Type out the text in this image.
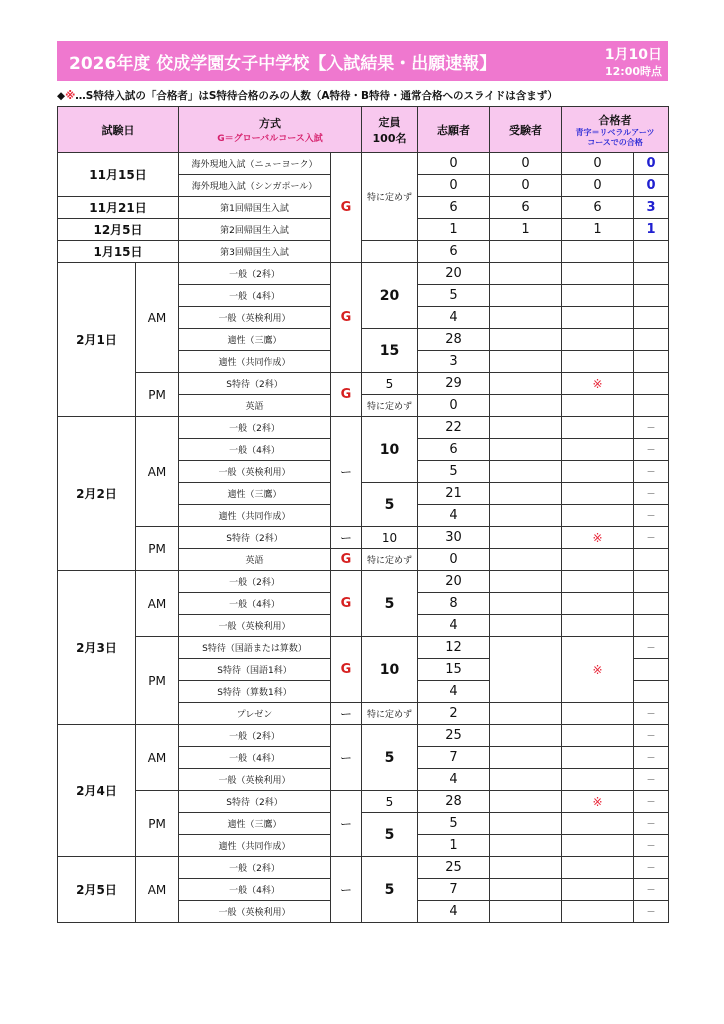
2026年度 佼成学園女子中学校【入試結果・出願速報】	1月10日
12:00時点
◆※…S特待入試の「合格者」はS特待合格のみの人数（A特待・B特待・通常合格へのスライドは含まず）
試験日		方式
G＝グローバルコース入試		定員
100名	志願者	受験者	合格者
青字＝リベラルアーツ
コースでの合格	

11月15日		海外現地入試（ニューヨーク）	G	特に定めず	0	0	0	0
		海外現地入試（シンガポール）			0	0	0	0
11月21日		第1回帰国生入試			6	6	6	3
12月5日		第2回帰国生入試			1	1	1	1
1月15日		第3回帰国生入試			6			
2月1日	AM	一般（2科）	G	20	20			
		一般（4科）			5			
		一般（英検利用）			4			
		適性（三鷹）		15	28			
		適性（共同作成）			3			
	PM	S特待（2科）	G	5	29		※	
		英語		特に定めず	0			
2月2日	AM	一般（2科）	ー	10	22			－
		一般（4科）			6			－
		一般（英検利用）			5			－
		適性（三鷹）		5	21			－
		適性（共同作成）			4			－
	PM	S特待（2科）	ー	10	30		※	－
		英語	G	特に定めず	0			
2月3日	AM	一般（2科）	G	5	20			
		一般（4科）			8			
		一般（英検利用）			4			
	PM	S特待（国語または算数）	G	10	12		※	－
		S特待（国語1科）			15			
		S特待（算数1科）			4			
		プレゼン	ー	特に定めず	2			－
2月4日	AM	一般（2科）	ー	5	25			－
		一般（4科）			7			－
		一般（英検利用）			4			－
	PM	S特待（2科）	ー	5	28		※	－
		適性（三鷹）		5	5			－
		適性（共同作成）			1			－
2月5日	AM	一般（2科）	ー	5	25			－
		一般（4科）			7			－
		一般（英検利用）			4			－
